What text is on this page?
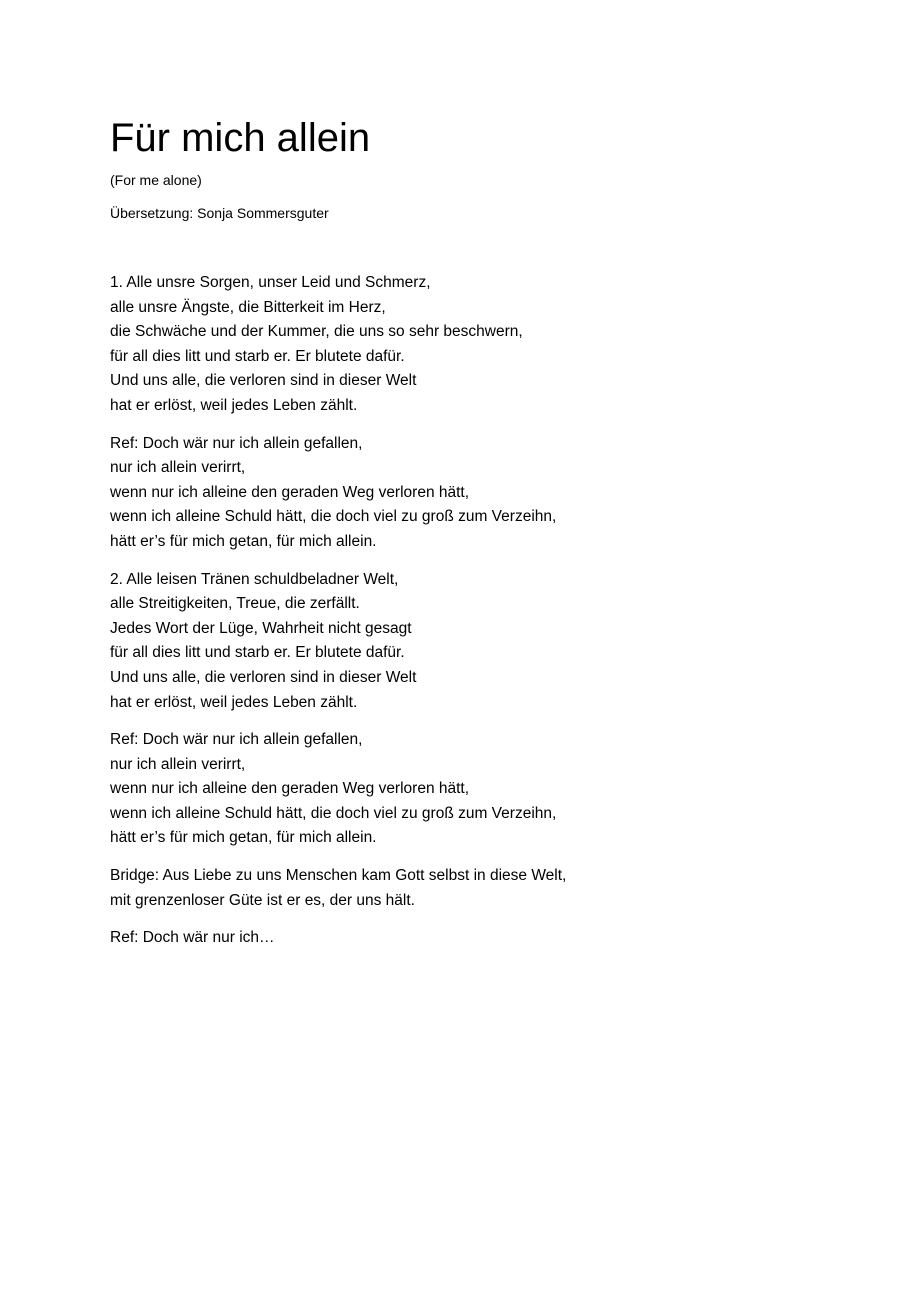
Für mich allein
(For me alone)
Übersetzung: Sonja Sommersguter
1. Alle unsre Sorgen, unser Leid und Schmerz,
alle unsre Ängste, die Bitterkeit im Herz,
die Schwäche und der Kummer, die uns so sehr beschwern,
für all dies litt und starb er. Er blutete dafür.
Und uns alle, die verloren sind in dieser Welt
hat er erlöst, weil jedes Leben zählt.
Ref: Doch wär nur ich allein gefallen,
nur ich allein verirrt,
wenn nur ich alleine den geraden Weg verloren hätt,
wenn ich alleine Schuld hätt, die doch viel zu groß zum Verzeihn,
hätt er’s für mich getan, für mich allein.
2. Alle leisen Tränen schuldbeladner Welt,
alle Streitigkeiten, Treue, die zerfällt.
Jedes Wort der Lüge, Wahrheit nicht gesagt
für all dies litt und starb er. Er blutete dafür.
Und uns alle, die verloren sind in dieser Welt
hat er erlöst, weil jedes Leben zählt.
Ref: Doch wär nur ich allein gefallen,
nur ich allein verirrt,
wenn nur ich alleine den geraden Weg verloren hätt,
wenn ich alleine Schuld hätt, die doch viel zu groß zum Verzeihn,
hätt er’s für mich getan, für mich allein.
Bridge: Aus Liebe zu uns Menschen kam Gott selbst in diese Welt,
mit grenzenloser Güte ist er es, der uns hält.
Ref: Doch wär nur ich…
